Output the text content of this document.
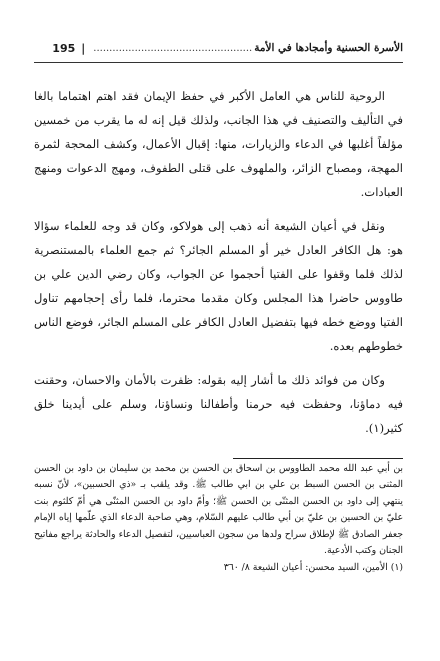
الأسرة الحسنية وأمجادها في الأمة
..................................................
|
195

الروحية للناس هي العامل الأكبر في حفظ الإيمان فقد اهتم اهتماما بالغا في التأليف والتصنيف في هذا الجانب، ولذلك قيل إنه له ما يقرب من خمسين مؤلفاً أغلبها في الدعاء والزيارات، منها: إقبال الأعمال، وكشف المحجة لثمرة المهجة، ومصباح الزائر، والملهوف على قتلى الطفوف، ومهج الدعوات ومنهج العبادات.

ونقل في أعيان الشيعة أنه ذهب إلى هولاكو، وكان قد وجه للعلماء سؤالا هو: هل الكافر العادل خير أو المسلم الجائر؟ ثم جمع العلماء بالمستنصرية لذلك فلما وقفوا على الفتيا أحجموا عن الجواب، وكان رضي الدين علي بن طاووس حاضرا هذا المجلس وكان مقدما محترما، فلما رأى إحجامهم تناول الفتيا ووضع خطه فيها بتفضيل العادل الكافر على المسلم الجائر، فوضع الناس خطوطهم بعده.

وكان من فوائد ذلك ما أشار إليه بقوله: ظفرت بالأمان والاحسان، وحقنت فيه دماؤنا، وحفظت فيه حرمنا وأطفالنا ونساؤنا، وسلم على أيدينا خلق كثير(١).

بن أبي عبد الله محمد الطاووس بن اسحاق بن الحسن بن محمد بن سليمان بن داود بن الحسن المثنى بن الحسن السبط بن علي بن ابي طالب ﷺ. وقد يلقب بـ «ذي الحسبين»، لأنّ نسبه ينتهي إلى داود بن الحسن المثنّى بن الحسن ﷺ؛ وأمّ داود بن الحسن المثنّى هي أمّ كلثوم بنت عليّ بن الحسين بن عليّ بن أبي طالب عليهم السّلام، وهي صاحبة الدعاء الذي علّمها إياه الإمام جعفر الصادق ﷺ لإطلاق سراح ولدها من سجون العباسيين، لتفصيل الدعاء والحادثة يراجع مفاتيح الجنان وكتب الأدعية.

(١) الأمين، السيد محسن: أعيان الشيعة ٨/ ٣٦٠
